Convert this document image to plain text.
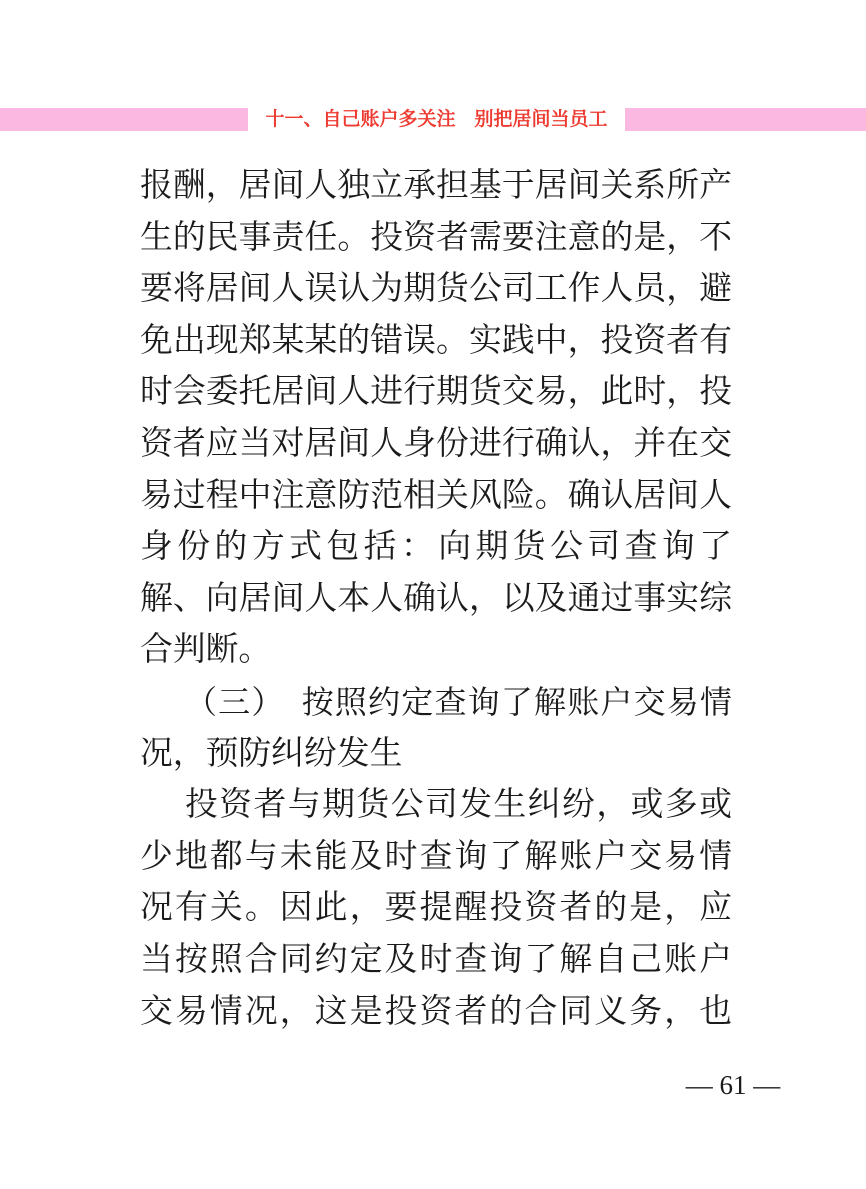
十一、自己账户多关注　别把居间当员工
报酬，居间人独立承担基于居间关系所产
生的民事责任。投资者需要注意的是，不
要将居间人误认为期货公司工作人员，避
免出现郑某某的错误。实践中，投资者有
时会委托居间人进行期货交易，此时，投
资者应当对居间人身份进行确认，并在交
易过程中注意防范相关风险。确认居间人
身份的方式包括：向期货公司查询了
解、向居间人本人确认，以及通过事实综
合判断。
（三）　按照约定查询了解账户交易情
况，预防纠纷发生
投资者与期货公司发生纠纷，或多或
少地都与未能及时查询了解账户交易情
况有关。因此，要提醒投资者的是，应
当按照合同约定及时查询了解自己账户
交易情况，这是投资者的合同义务，也
— 61 —
